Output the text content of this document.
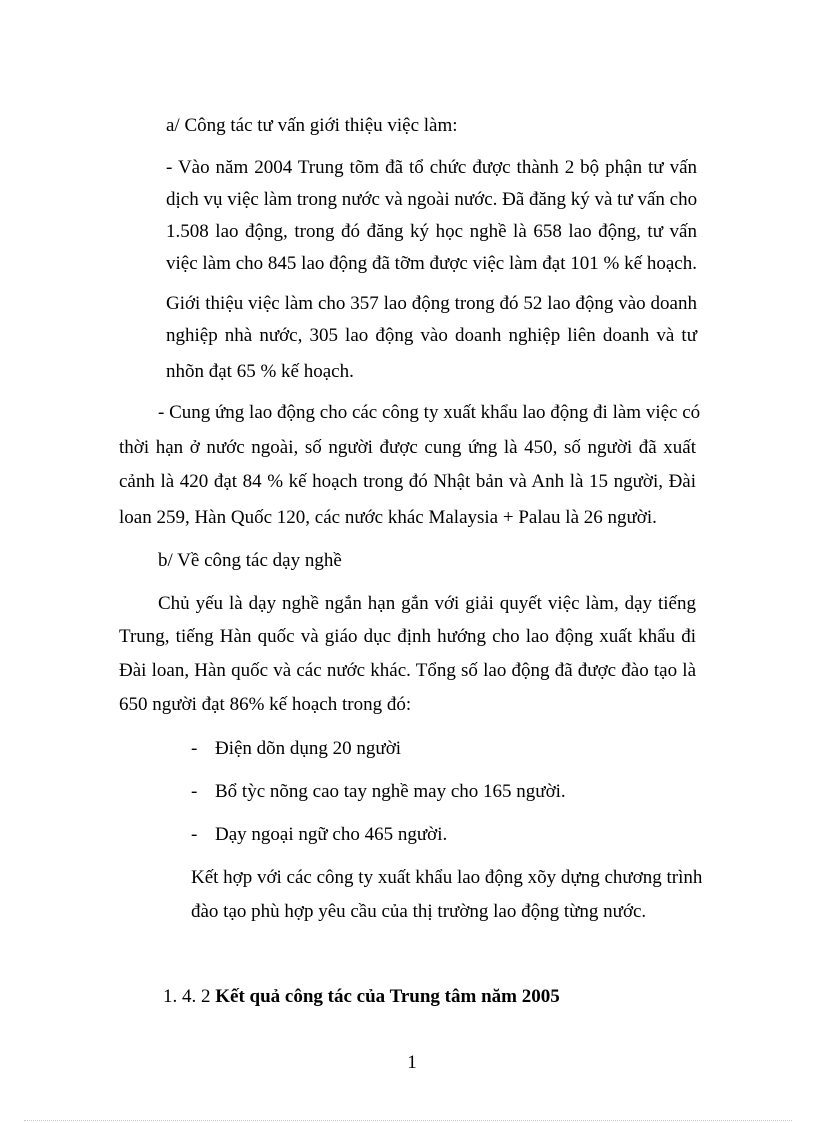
a/ Công tác tư vấn giới thiệu việc làm:
- Vào năm 2004 Trung tõm đã tổ chức được thành 2 bộ phận tư vấn
dịch vụ việc làm trong nước và ngoài nước. Đã đăng ký và tư vấn cho
1.508 lao động, trong đó đăng ký học nghề là 658 lao động, tư vấn
việc làm cho 845 lao động đã tỡm được việc làm đạt 101 % kế hoạch.
Giới thiệu việc làm cho 357 lao động trong đó 52 lao động vào doanh
nghiệp nhà nước, 305 lao động vào doanh nghiệp liên doanh và tư
nhõn đạt 65 % kế hoạch.
- Cung ứng lao động cho các công ty xuất khẩu lao động đi làm việc có
thời hạn ở nước ngoài, số người được cung ứng là 450, số người đã xuất
cảnh là 420 đạt 84 % kế hoạch trong đó Nhật bản và Anh là 15 người, Đài
loan 259, Hàn Quốc 120, các nước khác Malaysia + Palau là 26 người.
b/ Về công tác dạy nghề
Chủ yếu là dạy nghề ngắn hạn gắn với giải quyết việc làm, dạy tiếng
Trung, tiếng Hàn quốc và giáo dục định hướng cho lao động xuất khẩu đi
Đài loan, Hàn quốc và các nước khác. Tổng số lao động đã được đào tạo là
650 người đạt 86% kế hoạch trong đó:
- Điện dõn dụng 20 người
- Bổ tỳc nõng cao tay nghề may cho 165 người.
- Dạy ngoại ngữ cho 465 người.
Kết hợp với các công ty xuất khẩu lao động xõy dựng chương trình
đào tạo phù hợp yêu cầu của thị trường lao động từng nước.
1. 4. 2 Kết quả công tác của Trung tâm năm 2005
1
